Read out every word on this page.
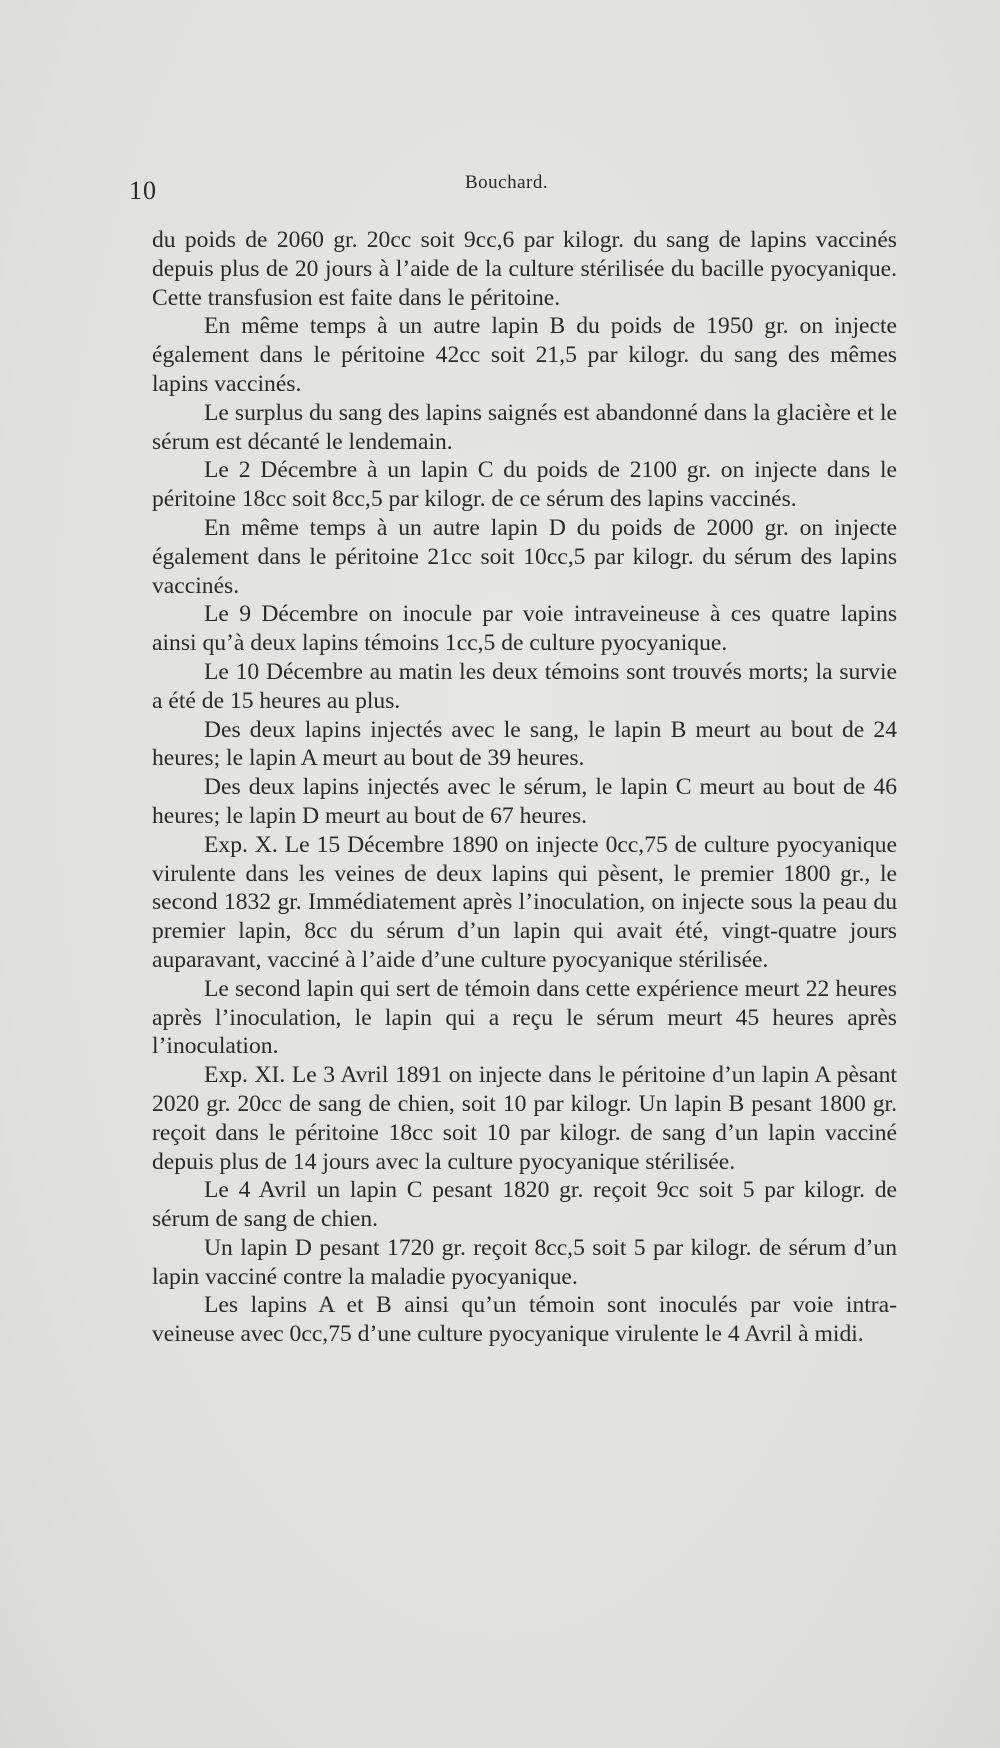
10	Bouchard.

du poids de 2060 gr. 20cc soit 9cc,6 par kilogr. du sang de lapins vaccinés depuis plus de 20 jours à l’aide de la culture stérilisée du bacille pyocyanique. Cette transfusion est faite dans le péritoine.

En même temps à un autre lapin B du poids de 1950 gr. on injecte également dans le péritoine 42cc soit 21,5 par kilogr. du sang des mêmes lapins vaccinés.

Le surplus du sang des lapins saignés est abandonné dans la glacière et le sérum est décanté le lendemain.

Le 2 Décembre à un lapin C du poids de 2100 gr. on injecte dans le péritoine 18cc soit 8cc,5 par kilogr. de ce sérum des lapins vaccinés.

En même temps à un autre lapin D du poids de 2000 gr. on injecte également dans le péritoine 21cc soit 10cc,5 par kilogr. du sérum des lapins vaccinés.

Le 9 Décembre on inocule par voie intraveineuse à ces quatre lapins ainsi qu’à deux lapins témoins 1cc,5 de culture pyocyanique.

Le 10 Décembre au matin les deux témoins sont trouvés morts; la survie a été de 15 heures au plus.

Des deux lapins injectés avec le sang, le lapin B meurt au bout de 24 heures; le lapin A meurt au bout de 39 heures.

Des deux lapins injectés avec le sérum, le lapin C meurt au bout de 46 heures; le lapin D meurt au bout de 67 heures.

Exp. X. Le 15 Décembre 1890 on injecte 0cc,75 de culture pyocyanique virulente dans les veines de deux lapins qui pèsent, le premier 1800 gr., le second 1832 gr. Immédiatement après l’inoculation, on injecte sous la peau du premier lapin, 8cc du sérum d’un lapin qui avait été, vingt-quatre jours auparavant, vacciné à l’aide d’une culture pyocyanique stérilisée.

Le second lapin qui sert de témoin dans cette expérience meurt 22 heures après l’inoculation, le lapin qui a reçu le sérum meurt 45 heures après l’inoculation.

Exp. XI. Le 3 Avril 1891 on injecte dans le péritoine d’un lapin A pèsant 2020 gr. 20cc de sang de chien, soit 10 par kilogr. Un lapin B pesant 1800 gr. reçoit dans le péritoine 18cc soit 10 par kilogr. de sang d’un lapin vacciné depuis plus de 14 jours avec la culture pyocyanique stérilisée.

Le 4 Avril un lapin C pesant 1820 gr. reçoit 9cc soit 5 par kilogr. de sérum de sang de chien.

Un lapin D pesant 1720 gr. reçoit 8cc,5 soit 5 par kilogr. de sérum d’un lapin vacciné contre la maladie pyocyanique.

Les lapins A et B ainsi qu’un témoin sont inoculés par voie intra-veineuse avec 0cc,75 d’une culture pyocyanique virulente le 4 Avril à midi.
